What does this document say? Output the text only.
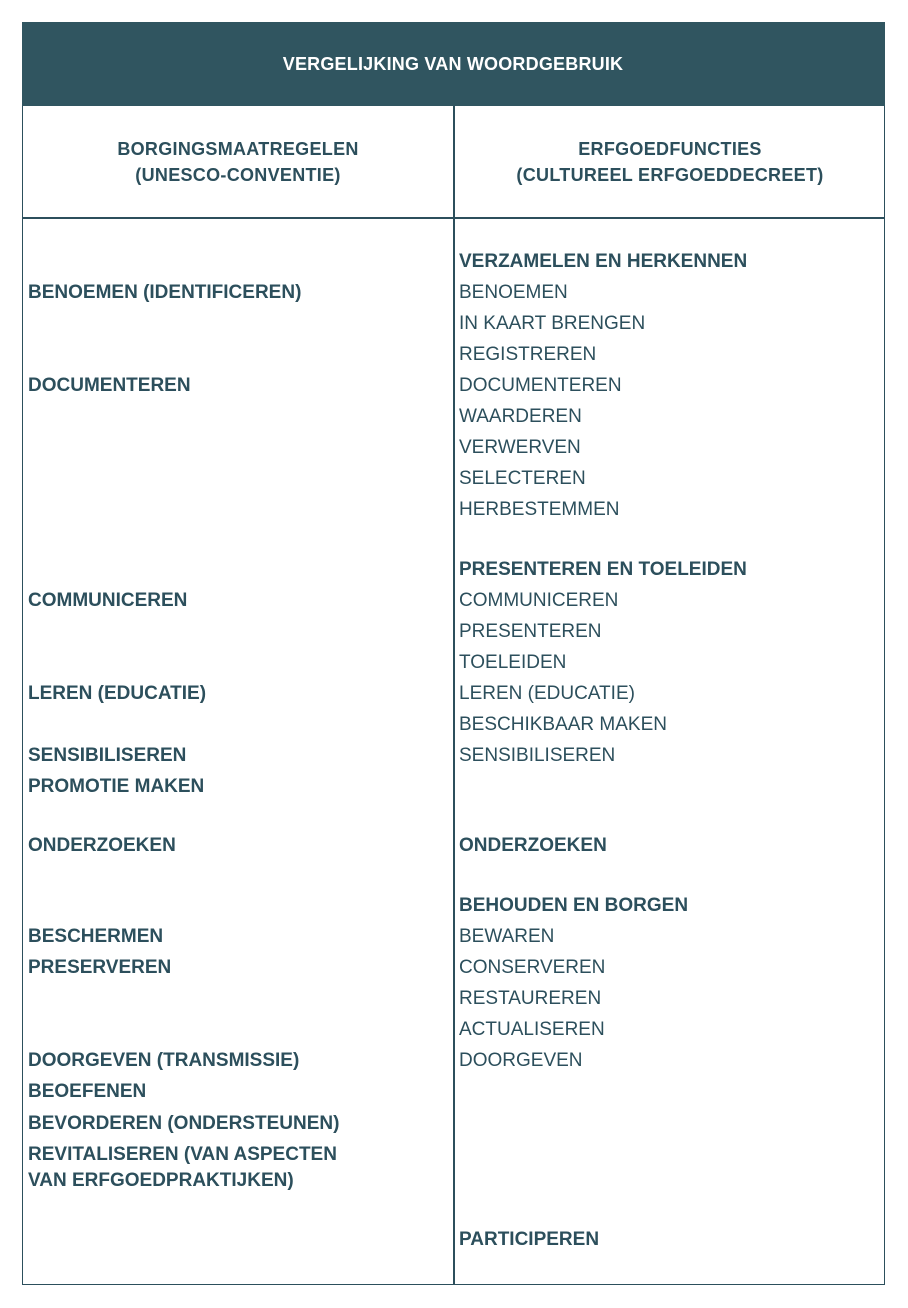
VERGELIJKING VAN WOORDGEBRUIK
BORGINGSMAATREGELEN
(UNESCO-CONVENTIE)
ERFGOEDFUNCTIES
(CULTUREEL ERFGOEDDECREET)
BENOEMEN (IDENTIFICEREN)
DOCUMENTEREN
COMMUNICEREN
LEREN (EDUCATIE)
SENSIBILISEREN
PROMOTIE MAKEN
ONDERZOEKEN
BESCHERMEN
PRESERVEREN
DOORGEVEN (TRANSMISSIE)
BEOEFENEN
BEVORDEREN (ONDERSTEUNEN)
REVITALISEREN (VAN ASPECTEN
VAN ERFGOEDPRAKTIJKEN)
VERZAMELEN EN HERKENNEN
BENOEMEN
IN KAART BRENGEN
REGISTREREN
DOCUMENTEREN
WAARDEREN
VERWERVEN
SELECTEREN
HERBESTEMMEN
PRESENTEREN EN TOELEIDEN
COMMUNICEREN
PRESENTEREN
TOELEIDEN
LEREN (EDUCATIE)
BESCHIKBAAR MAKEN
SENSIBILISEREN
ONDERZOEKEN
BEHOUDEN EN BORGEN
BEWAREN
CONSERVEREN
RESTAUREREN
ACTUALISEREN
DOORGEVEN
PARTICIPEREN
